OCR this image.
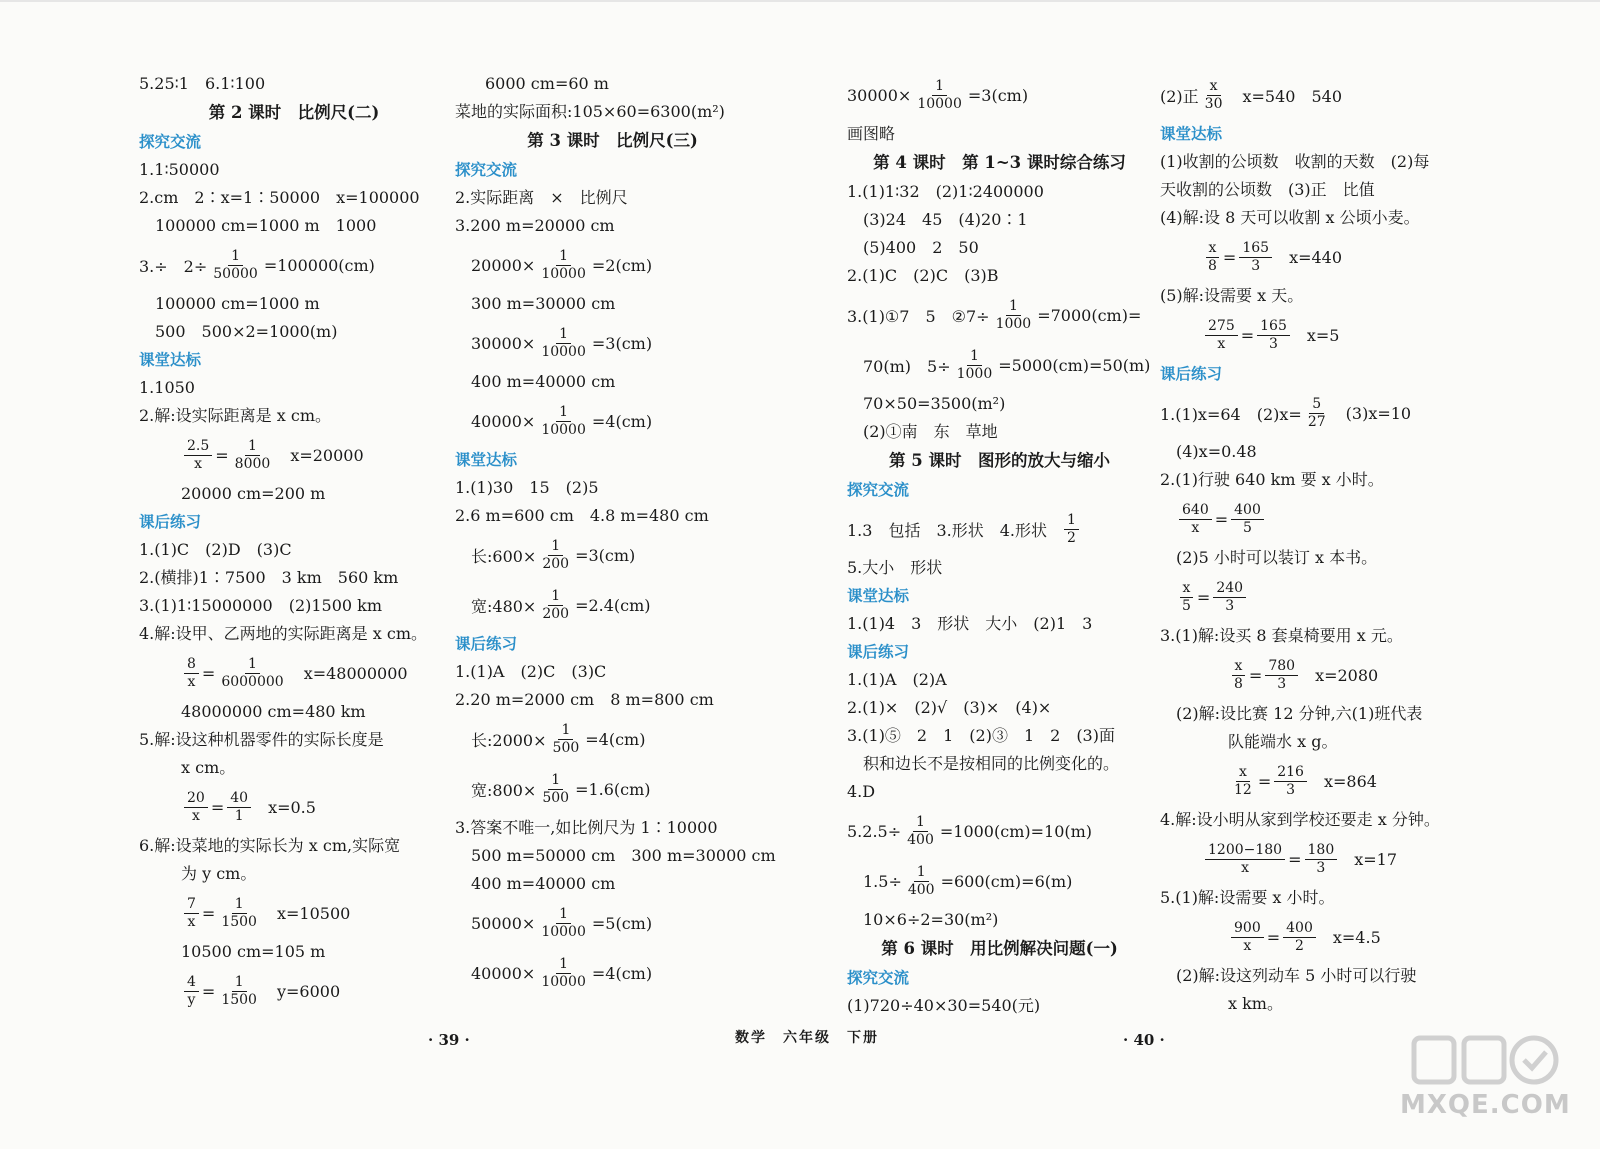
5.25∶1　6.1∶100
第 2 课时　比例尺(二)
探究交流
1.1∶50000
2.cm　2∶x=1∶50000　x=100000
100000 cm=1000 m　1000
3.÷　$2\div \frac{1}{50000} =100000(cm)$
100000 cm=1000 m
500　500×2=1000(m)
课堂达标
1.1050
2.解:设实际距离是 x cm。
$\frac{2.5}{x} = \frac{1}{8000} x=20000$
20000 cm=200 m
课后练习
1.(1)C　(2)D　(3)C
2.(横排)1∶7500　3 km　560 km
3.(1)1∶15000000　(2)1500 km
4.解:设甲、乙两地的实际距离是 x cm。
$\frac{8}{x} = \frac{1}{6000000} x=48000000$
48000000 cm=480 km
5.解:设这种机器零件的实际长度是
x cm。
$\frac{20}{x} = \frac{40}{1} x=0.5$
6.解:设菜地的实际长为 x cm,实际宽
为 y cm。
$\frac{7}{x} = \frac{1}{1500} x=10500$
10500 cm=105 m
$\frac{4}{y} = \frac{1}{1500} y=6000$
6000 cm=60 m
菜地的实际面积:105×60=6300(m²)
第 3 课时　比例尺(三)
探究交流
2.实际距离　×　比例尺
3.200 m=20000 cm
$20000\times \frac{1}{10000} =2(cm)$
300 m=30000 cm
$30000\times \frac{1}{10000} =3(cm)$
400 m=40000 cm
$40000\times \frac{1}{10000} =4(cm)$
课堂达标
1.(1)30　15　(2)5
2.6 m=600 cm　4.8 m=480 cm
长:600× $\frac{1}{200} =3(cm)$
宽:480× $\frac{1}{200} =2.4(cm)$
课后练习
1.(1)A　(2)C　(3)C
2.20 m=2000 cm　8 m=800 cm
长:2000× $\frac{1}{500} =4(cm)$
宽:800× $\frac{1}{500} =1.6(cm)$
3.答案不唯一,如比例尺为 1∶10000
500 m=50000 cm　300 m=30000 cm
400 m=40000 cm
$50000\times \frac{1}{10000} =5(cm)$
$40000\times \frac{1}{10000} =4(cm)$
$30000\times \frac{1}{10000} =3(cm)$
画图略
第 4 课时　第 1~3 课时综合练习
1.(1)1∶32　(2)1∶2400000
(3)24　45　(4)20∶1
(5)400　2　50
2.(1)C　(2)C　(3)B
3.(1)①7　5　②7÷ $\frac{1}{1000} =7000(cm)=$
70(m)　$5\div \frac{1}{1000} =5000(cm)=50(m)$
70×50=3500(m²)
(2)①南　东　草地
第 5 课时　图形的放大与缩小
探究交流
1.3　包括　3.形状　4.形状 $\frac{1}{2}$
5.大小　形状
课堂达标
1.(1)4　3　形状　大小　(2)1　3
课后练习
1.(1)A　(2)A
2.(1)×　(2)√　(3)×　(4)×
3.(1)⑤　2　1　(2)③　1　2　(3)面
积和边长不是按相同的比例变化的。
4.D
$5.2.5\div \frac{1}{400} =1000(cm)=10(m)$
$1.5\div \frac{1}{400} =600(cm)=6(m)$
10×6÷2=30(m²)
第 6 课时　用比例解决问题(一)
探究交流
(1)720÷40×30=540(元)
(2)正 $\frac{x}{30} x=540$　540
课堂达标
(1)收割的公顷数　收割的天数　(2)每
天收割的公顷数　(3)正　比值
(4)解:设 8 天可以收割 x 公顷小麦。
$\frac{x}{8} = \frac{165}{3} x=440$
(5)解:设需要 x 天。
$\frac{275}{x} = \frac{165}{3} x=5$
课后练习
1.(1)x=64　$(2)x= \frac{5}{27} (3)x=10$
(4)x=0.48
2.(1)行驶 640 km 要 x 小时。
$\frac{640}{x} = \frac{400}{5}$
(2)5 小时可以装订 x 本书。
$\frac{x}{5} = \frac{240}{3}$
3.(1)解:设买 8 套桌椅要用 x 元。
$\frac{x}{8} = \frac{780}{3} x=2080$
(2)解:设比赛 12 分钟,六(1)班代表
队能端水 x g。
$\frac{x}{12} = \frac{216}{3} x=864$
4.解:设小明从家到学校还要走 x 分钟。
$\frac{1200-180}{x} = \frac{180}{3} x=17$
5.(1)解:设需要 x 小时。
$\frac{900}{x} = \frac{400}{2} x=4.5$
(2)解:设这列动车 5 小时可以行驶
x km。
· 39 ·	数学　六年级　下册	· 40 ·
MXQE.COM
